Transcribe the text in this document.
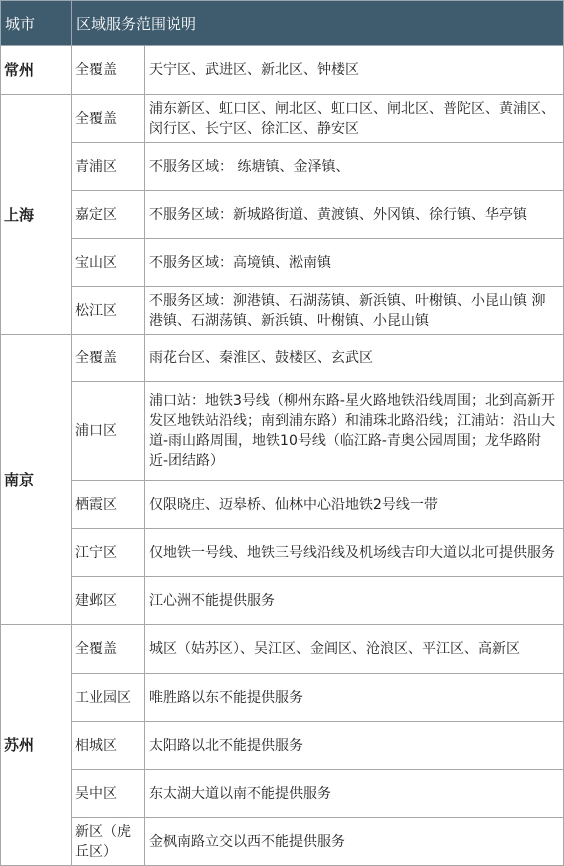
城市	区域服务范围说明	
常州	全覆盖	天宁区、武进区、新北区、钟楼区
上海	全覆盖	浦东新区、虹口区、闸北区、虹口区、闸北区、普陀区、黄浦区、闵行区、长宁区、徐汇区、静安区
	青浦区	不服务区域： 练塘镇、金泽镇、
	嘉定区	不服务区域：新城路街道、黄渡镇、外冈镇、徐行镇、华亭镇
	宝山区	不服务区域：高境镇、淞南镇
	松江区	不服务区域：泖港镇、石湖荡镇、新浜镇、叶榭镇、小昆山镇 泖港镇、石湖荡镇、新浜镇、叶榭镇、小昆山镇
南京	全覆盖	雨花台区、秦淮区、鼓楼区、玄武区
	浦口区	浦口站：地铁3号线（柳州东路-星火路地铁沿线周围；北到高新开发区地铁站沿线；南到浦东路）和浦珠北路沿线；江浦站：沿山大道-雨山路周围，地铁10号线（临江路-青奥公园周围；龙华路附近-团结路）
	栖霞区	仅限晓庄、迈皋桥、仙林中心沿地铁2号线一带
	江宁区	仅地铁一号线、地铁三号线沿线及机场线吉印大道以北可提供服务
	建邺区	江心洲不能提供服务
苏州	全覆盖	城区（姑苏区）、吴江区、金阊区、沧浪区、平江区、高新区
	工业园区	唯胜路以东不能提供服务
	相城区	太阳路以北不能提供服务
	吴中区	东太湖大道以南不能提供服务
	新区（虎丘区）	金枫南路立交以西不能提供服务
